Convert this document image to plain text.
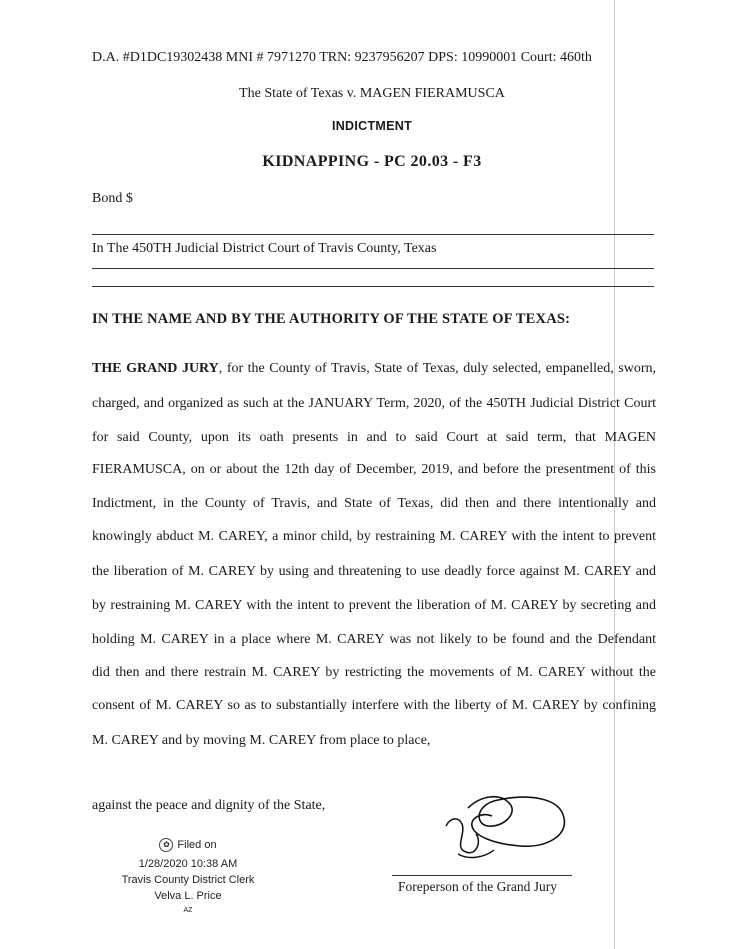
D.A. #D1DC19302438 MNI # 7971270 TRN: 9237956207 DPS: 10990001 Court: 460th
The State of Texas v. MAGEN FIERAMUSCA
INDICTMENT
KIDNAPPING - PC 20.03 - F3
Bond $
In The 450TH Judicial District Court of Travis County, Texas
IN THE NAME AND BY THE AUTHORITY OF THE STATE OF TEXAS:
THE GRAND JURY, for the County of Travis, State of Texas, duly selected, empanelled, sworn,
charged, and organized as such at the JANUARY Term, 2020, of the 450TH Judicial District Court
for said County, upon its oath presents in and to said Court at said term, that MAGEN
FIERAMUSCA, on or about the 12th day of December, 2019, and before the presentment of this
Indictment, in the County of Travis, and State of Texas, did then and there intentionally and
knowingly abduct M. CAREY, a minor child, by restraining M. CAREY with the intent to prevent
the liberation of M. CAREY by using and threatening to use deadly force against M. CAREY and
by restraining M. CAREY with the intent to prevent the liberation of M. CAREY by secreting and
holding M. CAREY in a place where M. CAREY was not likely to be found and the Defendant
did then and there restrain M. CAREY by restricting the movements of M. CAREY without the
consent of M. CAREY so as to substantially interfere with the liberty of M. CAREY by confining
M. CAREY and by moving M. CAREY from place to place,
against the peace and dignity of the State,
✿ Filed on
1/28/2020 10:38 AM
Travis County District Clerk
Velva L. Price
AZ
Foreperson of the Grand Jury
